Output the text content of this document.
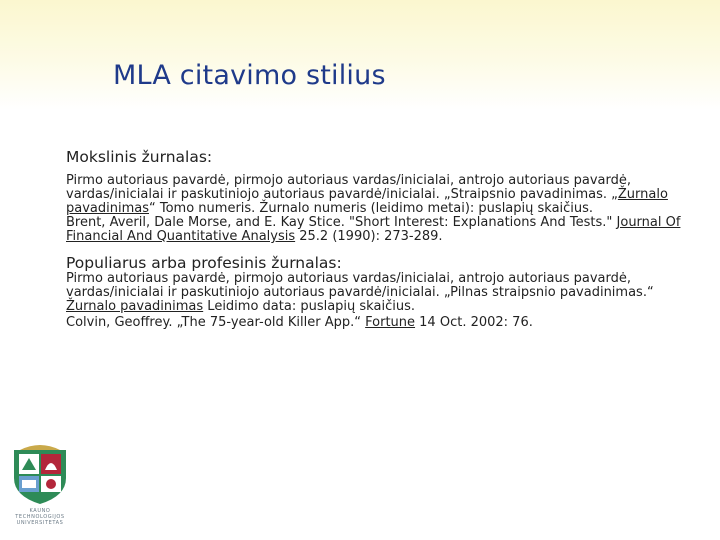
MLA citavimo stilius
Mokslinis žurnalas:

Pirmo autoriaus pavardė, pirmojo autoriaus vardas/inicialai, antrojo autoriaus pavardė, vardas/inicialai ir paskutiniojo autoriaus pavardė/inicialai. „Straipsnio pavadinimas. „Žurnalo pavadinimas“ Tomo numeris. Žurnalo numeris (leidimo metai): puslapių skaičius.

Brent, Averil, Dale Morse, and E. Kay Stice. "Short Interest: Explanations And Tests." Journal Of Financial And Quantitative Analysis 25.2 (1990): 273-289.

Populiarus arba profesinis žurnalas:

Pirmo autoriaus pavardė, pirmojo autoriaus vardas/inicialai, antrojo autoriaus pavardė, vardas/inicialai ir paskutiniojo autoriaus pavardė/inicialai. „Pilnas straipsnio pavadinimas.“ Žurnalo pavadinimas Leidimo data: puslapių skaičius.

Colvin, Geoffrey. „The 75-year-old Killer App.“ Fortune 14 Oct. 2002: 76.

KAUNO
TECHNOLOGIJOS
UNIVERSITETAS
